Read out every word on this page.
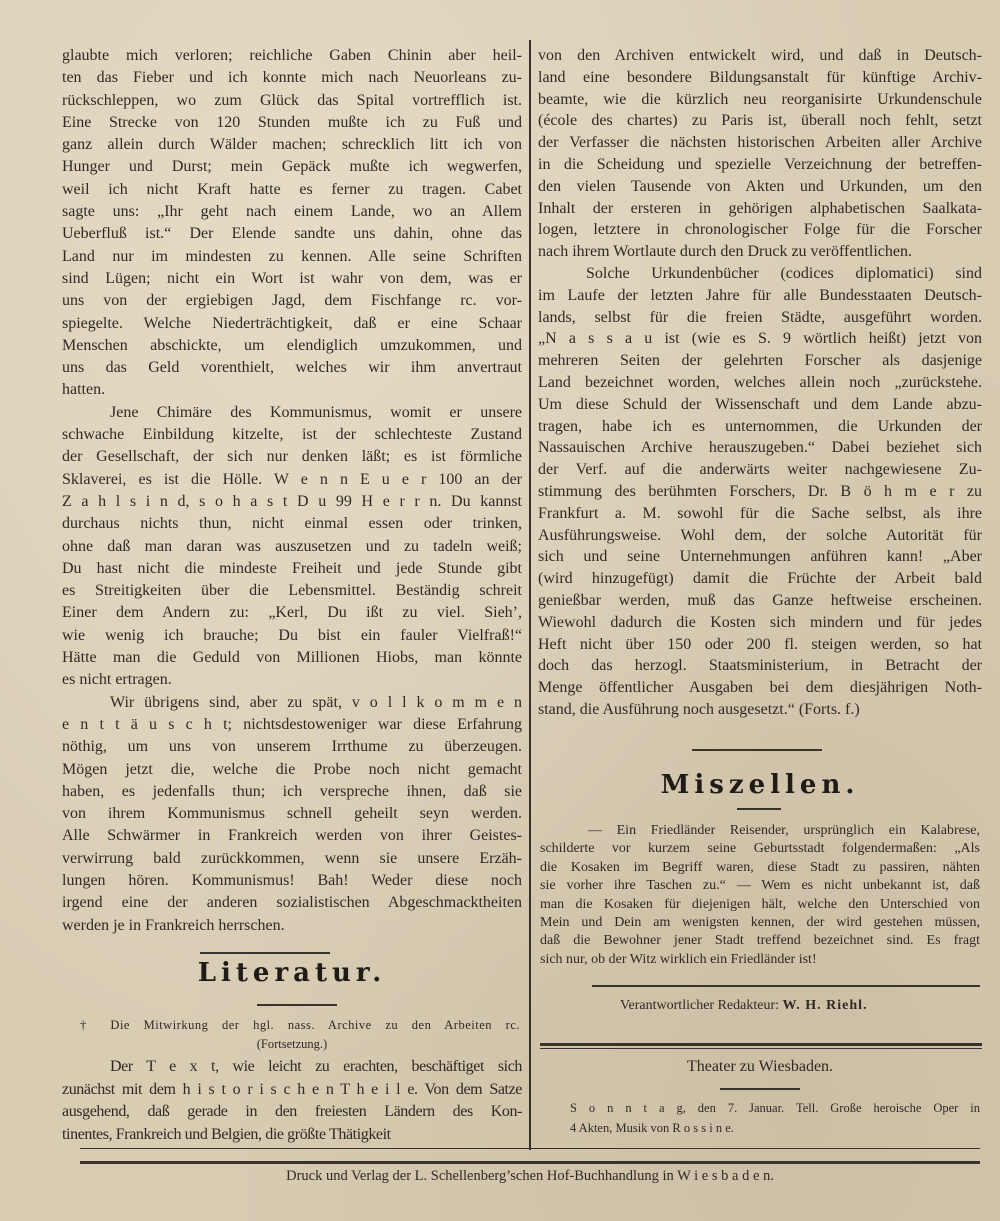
glaubte mich verloren; reichliche Gaben Chinin aber heil-
ten das Fieber und ich konnte mich nach Neuorleans zu-
rückschleppen, wo zum Glück das Spital vortrefflich ist.
Eine Strecke von 120 Stunden mußte ich zu Fuß und
ganz allein durch Wälder machen; schrecklich litt ich von
Hunger und Durst; mein Gepäck mußte ich wegwerfen,
weil ich nicht Kraft hatte es ferner zu tragen. Cabet
sagte uns: „Ihr geht nach einem Lande, wo an Allem
Ueberfluß ist.“ Der Elende sandte uns dahin, ohne das
Land nur im mindesten zu kennen. Alle seine Schriften
sind Lügen; nicht ein Wort ist wahr von dem, was er
uns von der ergiebigen Jagd, dem Fischfange rc. vor-
spiegelte. Welche Niederträchtigkeit, daß er eine Schaar
Menschen abschickte, um elendiglich umzukommen, und
uns das Geld vorenthielt, welches wir ihm anvertraut
hatten.
Jene Chimäre des Kommunismus, womit er unsere
schwache Einbildung kitzelte, ist der schlechteste Zustand
der Gesellschaft, der sich nur denken läßt; es ist förmliche
Sklaverei, es ist die Hölle. W e n n E u e r 100 an der
Z a h l s i n d, s o h a s t D u 99 H e r r n. Du kannst
durchaus nichts thun, nicht einmal essen oder trinken,
ohne daß man daran was auszusetzen und zu tadeln weiß;
Du hast nicht die mindeste Freiheit und jede Stunde gibt
es Streitigkeiten über die Lebensmittel. Beständig schreit
Einer dem Andern zu: „Kerl, Du ißt zu viel. Sieh’,
wie wenig ich brauche; Du bist ein fauler Vielfraß!“
Hätte man die Geduld von Millionen Hiobs, man könnte
es nicht ertragen.
Wir übrigens sind, aber zu spät, v o l l k o m m e n
e n t t ä u s c h t; nichtsdestoweniger war diese Erfahrung
nöthig, um uns von unserem Irrthume zu überzeugen.
Mögen jetzt die, welche die Probe noch nicht gemacht
haben, es jedenfalls thun; ich verspreche ihnen, daß sie
von ihrem Kommunismus schnell geheilt seyn werden.
Alle Schwärmer in Frankreich werden von ihrer Geistes-
verwirrung bald zurückkommen, wenn sie unsere Erzäh-
lungen hören. Kommunismus! Bah! Weder diese noch
irgend eine der anderen sozialistischen Abgeschmacktheiten
werden je in Frankreich herrschen.
Literatur.
† Die Mitwirkung der hgl. nass. Archive zu den Arbeiten rc.
(Fortsetzung.)
Der T e x t, wie leicht zu erachten, beschäftiget sich
zunächst mit dem h i s t o r i s c h e n T h e i l e. Von dem Satze
ausgehend, daß gerade in den freiesten Ländern des Kon-
tinentes, Frankreich und Belgien, die größte Thätigkeit
von den Archiven entwickelt wird, und daß in Deutsch-
land eine besondere Bildungsanstalt für künftige Archiv-
beamte, wie die kürzlich neu reorganisirte Urkundenschule
(école des chartes) zu Paris ist, überall noch fehlt, setzt
der Verfasser die nächsten historischen Arbeiten aller Archive
in die Scheidung und spezielle Verzeichnung der betreffen-
den vielen Tausende von Akten und Urkunden, um den
Inhalt der ersteren in gehörigen alphabetischen Saalkata-
logen, letztere in chronologischer Folge für die Forscher
nach ihrem Wortlaute durch den Druck zu veröffentlichen.
Solche Urkundenbücher (codices diplomatici) sind
im Laufe der letzten Jahre für alle Bundesstaaten Deutsch-
lands, selbst für die freien Städte, ausgeführt worden.
„N a s s a u ist (wie es S. 9 wörtlich heißt) jetzt von
mehreren Seiten der gelehrten Forscher als dasjenige
Land bezeichnet worden, welches allein noch „zurückstehe.
Um diese Schuld der Wissenschaft und dem Lande abzu-
tragen, habe ich es unternommen, die Urkunden der
Nassauischen Archive herauszugeben.“ Dabei beziehet sich
der Verf. auf die anderwärts weiter nachgewiesene Zu-
stimmung des berühmten Forschers, Dr. B ö h m e r zu
Frankfurt a. M. sowohl für die Sache selbst, als ihre
Ausführungsweise. Wohl dem, der solche Autorität für
sich und seine Unternehmungen anführen kann! „Aber
(wird hinzugefügt) damit die Früchte der Arbeit bald
genießbar werden, muß das Ganze heftweise erscheinen.
Wiewohl dadurch die Kosten sich mindern und für jedes
Heft nicht über 150 oder 200 fl. steigen werden, so hat
doch das herzogl. Staatsministerium, in Betracht der
Menge öffentlicher Ausgaben bei dem diesjährigen Noth-
stand, die Ausführung noch ausgesetzt.“ (Forts. f.)
Miszellen.
— Ein Friedländer Reisender, ursprünglich ein Kalabrese,
schilderte vor kurzem seine Geburtsstadt folgendermaßen: „Als
die Kosaken im Begriff waren, diese Stadt zu passiren, nähten
sie vorher ihre Taschen zu.“ — Wem es nicht unbekannt ist, daß
man die Kosaken für diejenigen hält, welche den Unterschied von
Mein und Dein am wenigsten kennen, der wird gestehen müssen,
daß die Bewohner jener Stadt treffend bezeichnet sind. Es fragt
sich nur, ob der Witz wirklich ein Friedländer ist!
Verantwortlicher Redakteur: W. H. Riehl.
Theater zu Wiesbaden.
S o n n t a g, den 7. Januar. Tell. Große heroische Oper in
4 Akten, Musik von R o s s i n e.
Druck und Verlag der L. Schellenberg’schen Hof-Buchhandlung in W i e s b a d e n.
